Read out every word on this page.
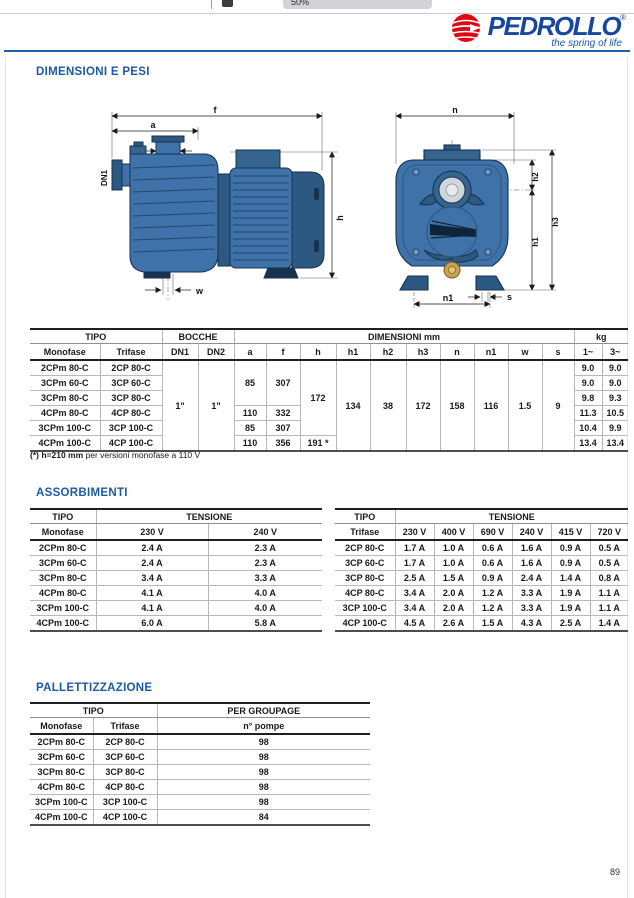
50%
PEDROLLO®
the spring of life
DIMENSIONI E PESI
f
a
DN1
h
w
n
h2
h1
h3
n1	s
TIPO		BOCCHE		DIMENSIONI mm										kg	
Monofase	Trifase	DN1	DN2	a	f	h	h1	h2	h3	n	n1	w	s	1~	3~
2CPm 80-C	2CP 80-C	1"	1"	85	307	172	134	38	172	158	116	1.5	9	9.0	9.0
3CPm 60-C	3CP 60-C													9.0	9.0
3CPm 80-C	3CP 80-C													9.8	9.3
4CPm 80-C	4CP 80-C			110	332									11.3	10.5
3CPm 100-C	3CP 100-C			85	307									10.4	9.9
4CPm 100-C	4CP 100-C			110	356	191 *								13.4	13.4
(*) h=210 mm per versioni monofase a 110 V
ASSORBIMENTI
TIPO	TENSIONE	
Monofase	230 V	240 V
2CPm 80-C	2.4 A	2.3 A
3CPm 60-C	2.4 A	2.3 A
3CPm 80-C	3.4 A	3.3 A
4CPm 80-C	4.1 A	4.0 A
3CPm 100-C	4.1 A	4.0 A
4CPm 100-C	6.0 A	5.8 A
TIPO	TENSIONE					
Trifase	230 V	400 V	690 V	240 V	415 V	720 V
2CP 80-C	1.7 A	1.0 A	0.6 A	1.6 A	0.9 A	0.5 A
3CP 60-C	1.7 A	1.0 A	0.6 A	1.6 A	0.9 A	0.5 A
3CP 80-C	2.5 A	1.5 A	0.9 A	2.4 A	1.4 A	0.8 A
4CP 80-C	3.4 A	2.0 A	1.2 A	3.3 A	1.9 A	1.1 A
3CP 100-C	3.4 A	2.0 A	1.2 A	3.3 A	1.9 A	1.1 A
4CP 100-C	4.5 A	2.6 A	1.5 A	4.3 A	2.5 A	1.4 A
PALLETTIZZAZIONE
TIPO		PER GROUPAGE
Monofase	Trifase	n° pompe
2CPm 80-C	2CP 80-C	98
3CPm 60-C	3CP 60-C	98
3CPm 80-C	3CP 80-C	98
4CPm 80-C	4CP 80-C	98
3CPm 100-C	3CP 100-C	98
4CPm 100-C	4CP 100-C	84
89
